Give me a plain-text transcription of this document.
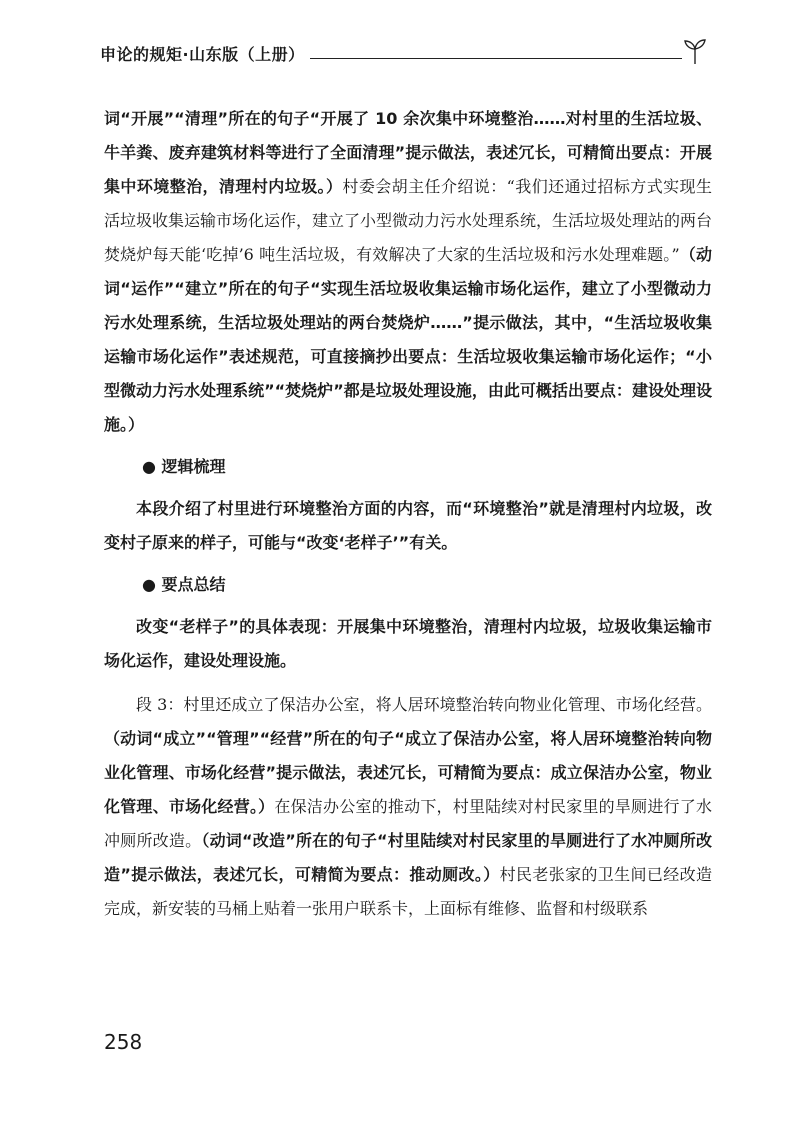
申论的规矩·山东版（上册）

词“开展”“清理”所在的句子“开展了 10 余次集中环境整治……对村里的生活垃圾、牛羊粪、废弃建筑材料等进行了全面清理”提示做法，表述冗长，可精简出要点：开展集中环境整治，清理村内垃圾。）村委会胡主任介绍说：“我们还通过招标方式实现生活垃圾收集运输市场化运作，建立了小型微动力污水处理系统，生活垃圾处理站的两台焚烧炉每天能‘吃掉’6 吨生活垃圾，有效解决了大家的生活垃圾和污水处理难题。”（动词“运作”“建立”所在的句子“实现生活垃圾收集运输市场化运作，建立了小型微动力污水处理系统，生活垃圾处理站的两台焚烧炉……”提示做法，其中，“生活垃圾收集运输市场化运作”表述规范，可直接摘抄出要点：生活垃圾收集运输市场化运作；“小型微动力污水处理系统”“焚烧炉”都是垃圾处理设施，由此可概括出要点：建设处理设施。）

● 逻辑梳理

本段介绍了村里进行环境整治方面的内容，而“环境整治”就是清理村内垃圾，改变村子原来的样子，可能与“改变‘老样子’”有关。

● 要点总结

改变“老样子”的具体表现：开展集中环境整治，清理村内垃圾，垃圾收集运输市场化运作，建设处理设施。

段 3：村里还成立了保洁办公室，将人居环境整治转向物业化管理、市场化经营。（动词“成立”“管理”“经营”所在的句子“成立了保洁办公室，将人居环境整治转向物业化管理、市场化经营”提示做法，表述冗长，可精简为要点：成立保洁办公室，物业化管理、市场化经营。）在保洁办公室的推动下，村里陆续对村民家里的旱厕进行了水冲厕所改造。（动词“改造”所在的句子“村里陆续对村民家里的旱厕进行了水冲厕所改造”提示做法，表述冗长，可精简为要点：推动厕改。）村民老张家的卫生间已经改造完成，新安装的马桶上贴着一张用户联系卡，上面标有维修、监督和村级联系

258
